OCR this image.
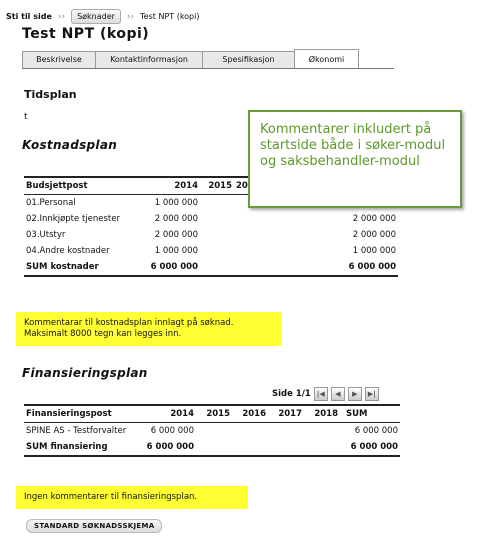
Sti til side ››	Søknader	›› Test NPT (kopi)
Test NPT (kopi)
Beskrivelse	Kontaktinformasjon	Spesifikasjon	Økonomi
Tidsplan
t
Kostnadsplan
Budsjettpost	2014	2015	20	
01.Personal	1 000 000			
02.Innkjøpte tjenester	2 000 000			2 000 000
03.Utstyr	2 000 000			2 000 000
04.Andre kostnader	1 000 000			1 000 000
SUM kostnader	6 000 000			6 000 000
Kommentarer inkludert på startside både i søker-modul og saksbehandler-modul
Kommentarar til kostnadsplan innlagt på søknad. Maksimalt 8000 tegn kan legges inn.
Finansieringsplan
Side 1/1 |◀	◀	▶	▶|
Finansieringspost	2014	2015	2016	2017	2018	SUM
SPINE AS - Testforvalter	6 000 000					6 000 000
SUM finansiering	6 000 000					6 000 000
Ingen kommentarer til finansieringsplan.
STANDARD SØKNADSSKJEMA
